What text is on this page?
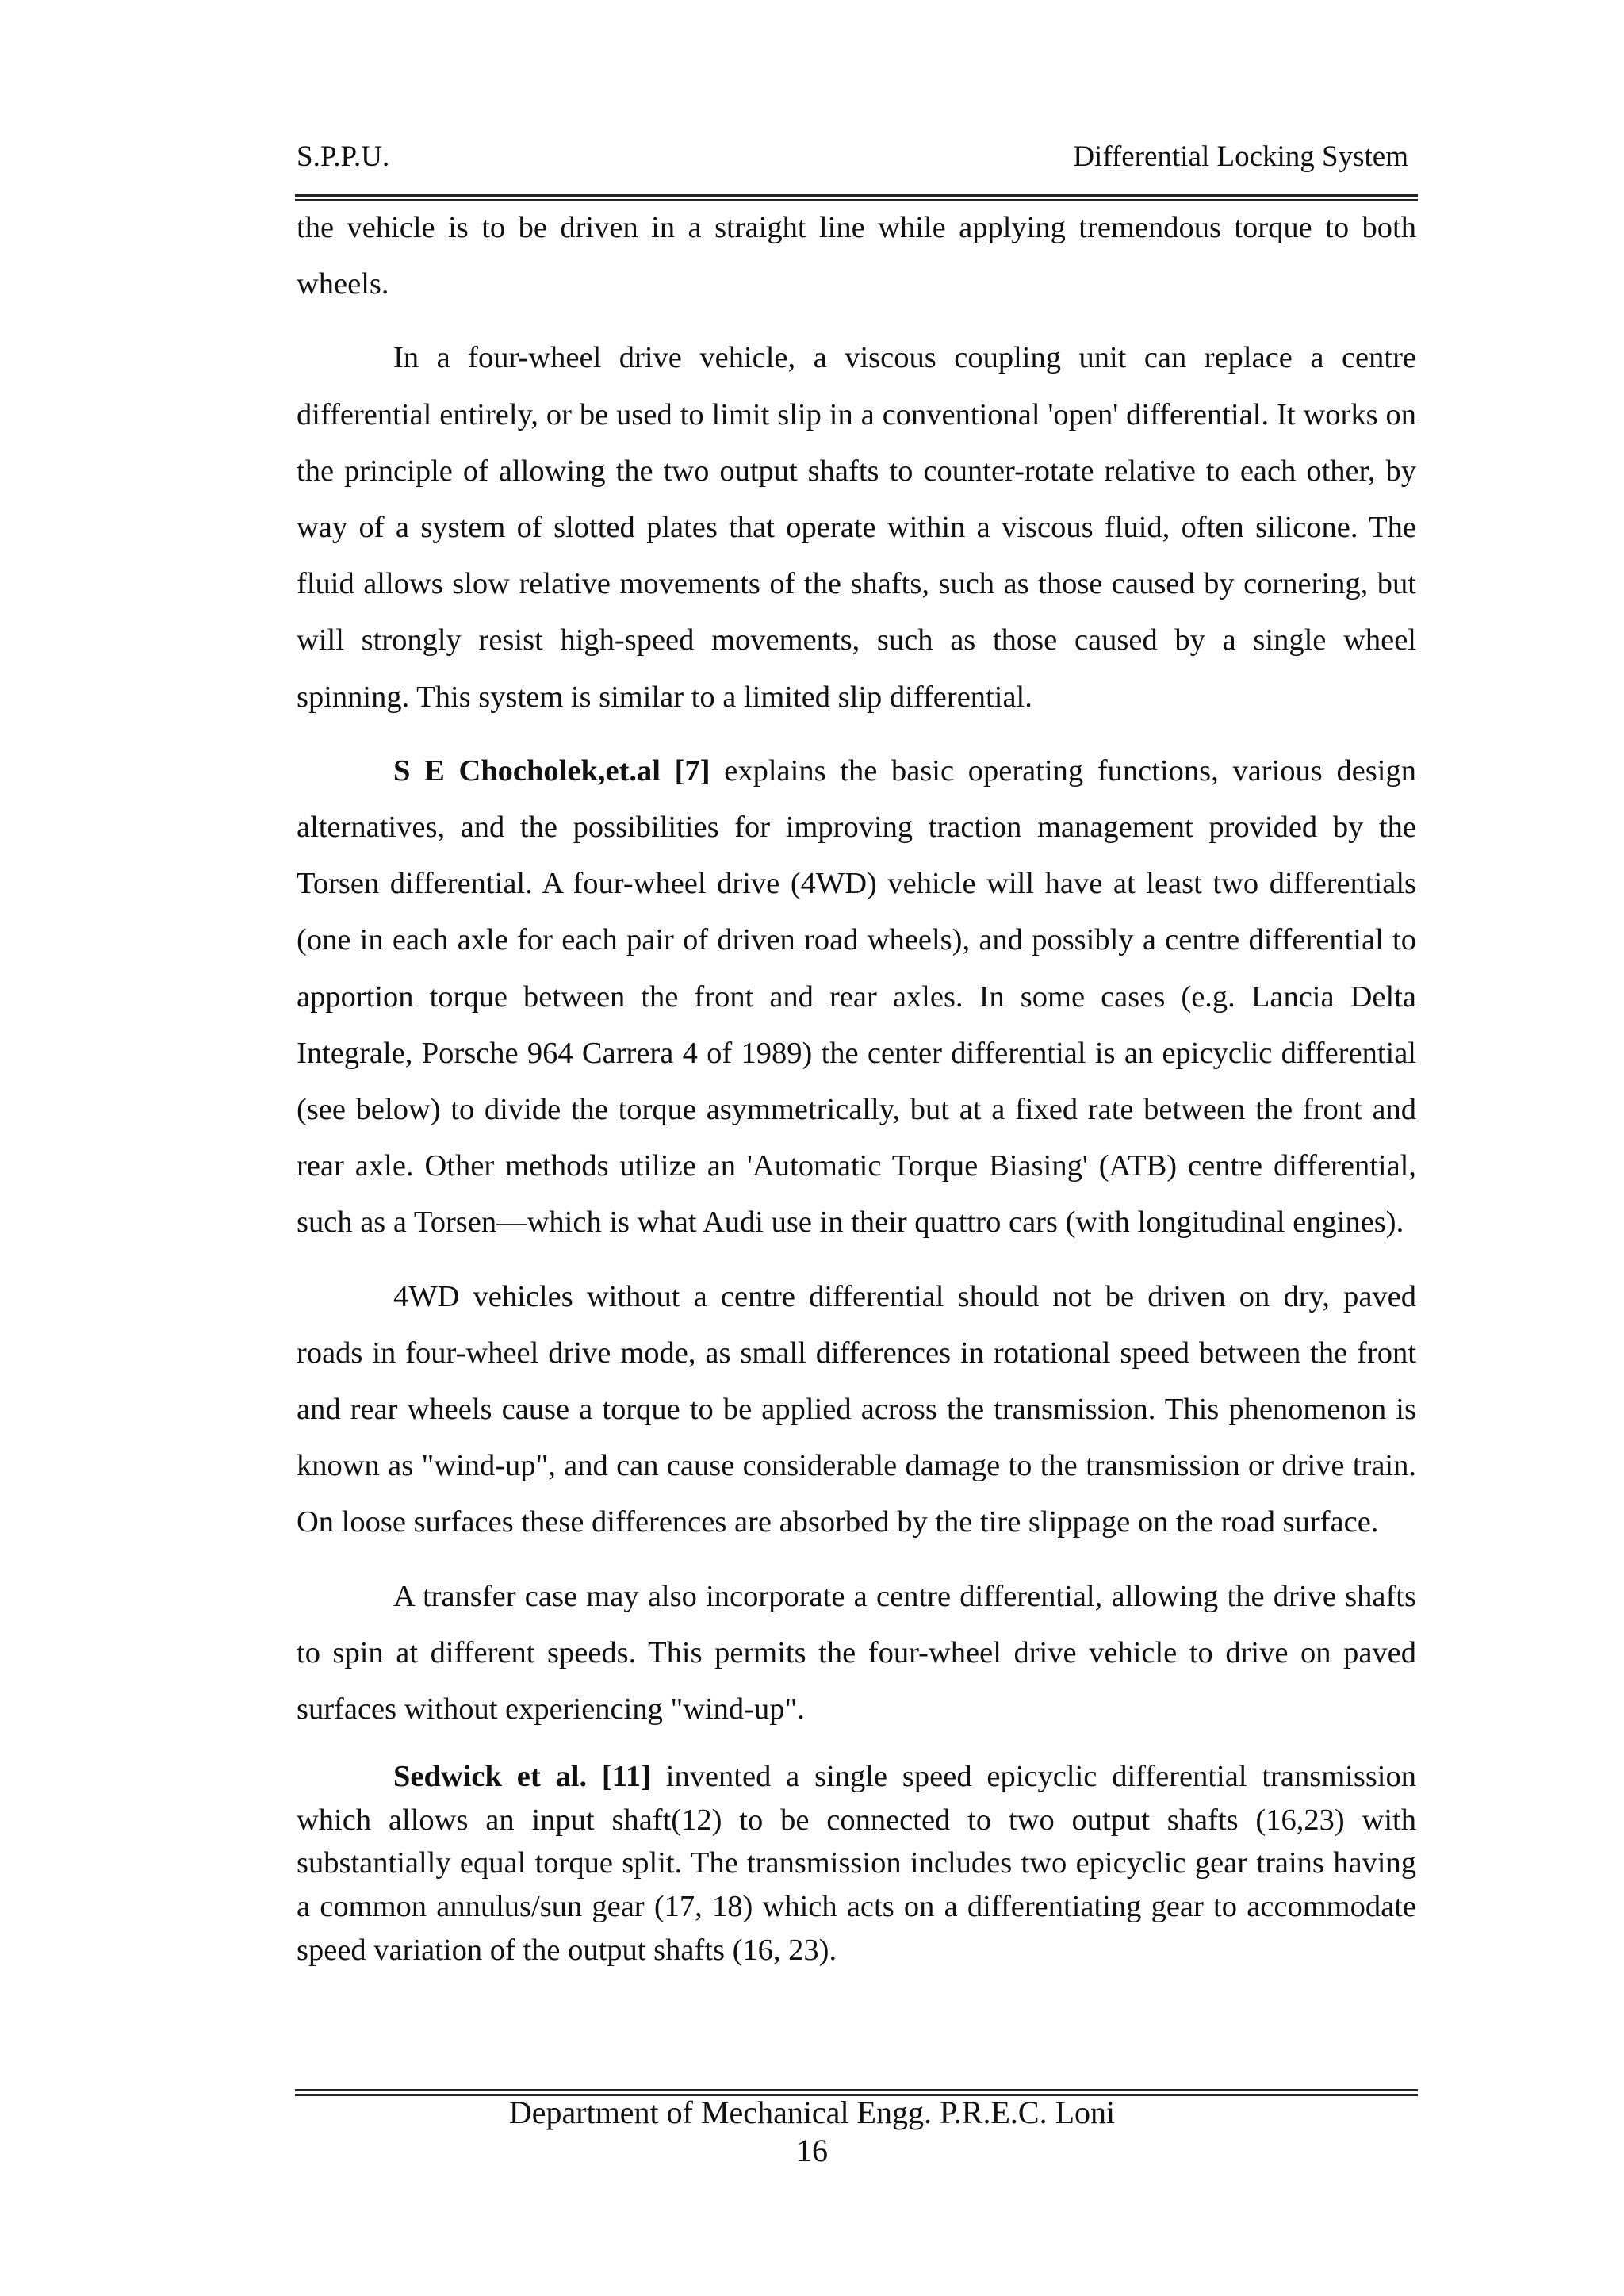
S.P.P.U.	Differential Locking System

the vehicle is to be driven in a straight line while applying tremendous torque to both wheels.

In a four-wheel drive vehicle, a viscous coupling unit can replace a centre differential entirely, or be used to limit slip in a conventional 'open' differential. It works on the principle of allowing the two output shafts to counter-rotate relative to each other, by way of a system of slotted plates that operate within a viscous fluid, often silicone. The fluid allows slow relative movements of the shafts, such as those caused by cornering, but will strongly resist high-speed movements, such as those caused by a single wheel spinning. This system is similar to a limited slip differential.

S E Chocholek,et.al [7] explains the basic operating functions, various design alternatives, and the possibilities for improving traction management provided by the Torsen differential. A four-wheel drive (4WD) vehicle will have at least two differentials (one in each axle for each pair of driven road wheels), and possibly a centre differential to apportion torque between the front and rear axles. In some cases (e.g. Lancia Delta Integrale, Porsche 964 Carrera 4 of 1989) the center differential is an epicyclic differential (see below) to divide the torque asymmetrically, but at a fixed rate between the front and rear axle. Other methods utilize an 'Automatic Torque Biasing' (ATB) centre differential, such as a Torsen—which is what Audi use in their quattro cars (with longitudinal engines).

4WD vehicles without a centre differential should not be driven on dry, paved roads in four-wheel drive mode, as small differences in rotational speed between the front and rear wheels cause a torque to be applied across the transmission. This phenomenon is known as "wind-up", and can cause considerable damage to the transmission or drive train. On loose surfaces these differences are absorbed by the tire slippage on the road surface.

A transfer case may also incorporate a centre differential, allowing the drive shafts to spin at different speeds. This permits the four-wheel drive vehicle to drive on paved surfaces without experiencing "wind-up".

Sedwick et al. [11] invented a single speed epicyclic differential transmission which allows an input shaft(12) to be connected to two output shafts (16,23) with substantially equal torque split. The transmission includes two epicyclic gear trains having a common annulus/sun gear (17, 18) which acts on a differentiating gear to accommodate speed variation of the output shafts (16, 23).

Department of Mechanical Engg. P.R.E.C. Loni
16
